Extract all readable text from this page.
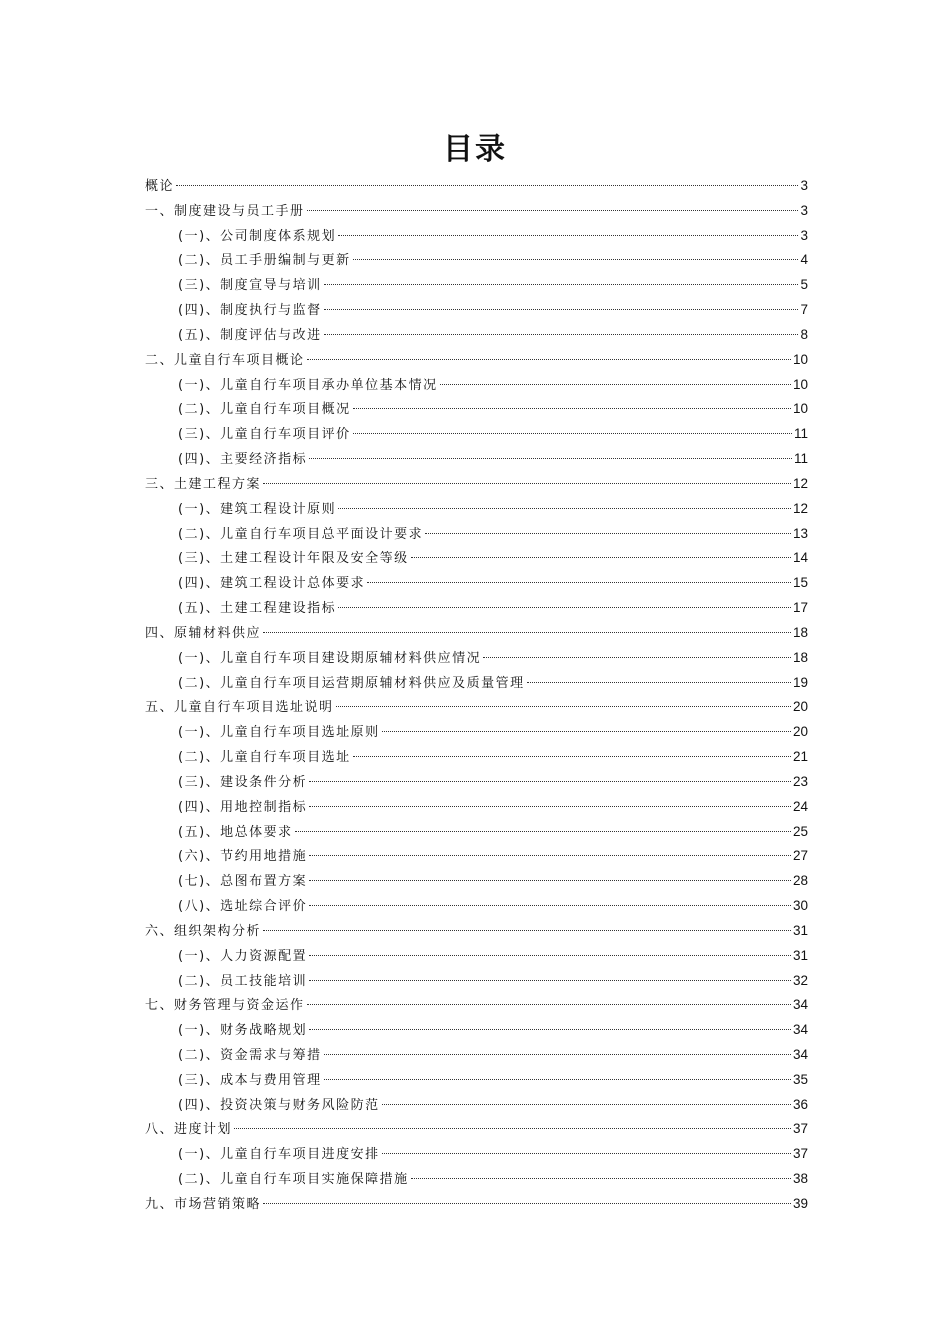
目录
概论	3
一、制度建设与员工手册	3
(一)、公司制度体系规划	3
(二)、员工手册编制与更新	4
(三)、制度宣导与培训	5
(四)、制度执行与监督	7
(五)、制度评估与改进	8
二、儿童自行车项目概论	10
(一)、儿童自行车项目承办单位基本情况	10
(二)、儿童自行车项目概况	10
(三)、儿童自行车项目评价	11
(四)、主要经济指标	11
三、土建工程方案	12
(一)、建筑工程设计原则	12
(二)、儿童自行车项目总平面设计要求	13
(三)、土建工程设计年限及安全等级	14
(四)、建筑工程设计总体要求	15
(五)、土建工程建设指标	17
四、原辅材料供应	18
(一)、儿童自行车项目建设期原辅材料供应情况	18
(二)、儿童自行车项目运营期原辅材料供应及质量管理	19
五、儿童自行车项目选址说明	20
(一)、儿童自行车项目选址原则	20
(二)、儿童自行车项目选址	21
(三)、建设条件分析	23
(四)、用地控制指标	24
(五)、地总体要求	25
(六)、节约用地措施	27
(七)、总图布置方案	28
(八)、选址综合评价	30
六、组织架构分析	31
(一)、人力资源配置	31
(二)、员工技能培训	32
七、财务管理与资金运作	34
(一)、财务战略规划	34
(二)、资金需求与筹措	34
(三)、成本与费用管理	35
(四)、投资决策与财务风险防范	36
八、进度计划	37
(一)、儿童自行车项目进度安排	37
(二)、儿童自行车项目实施保障措施	38
九、市场营销策略	39
